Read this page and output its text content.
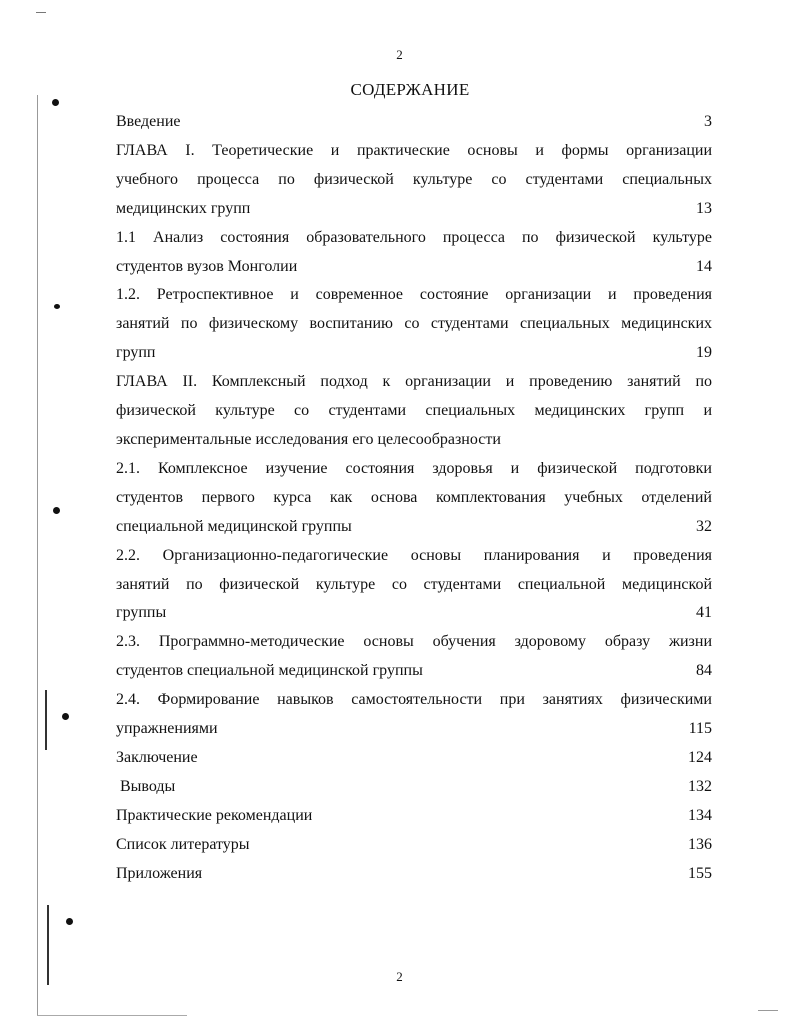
2
СОДЕРЖАНИЕ
Введение	3
ГЛАВА I. Теоретические и практические основы и формы организации
учебного процесса по физической культуре со студентами специальных
медицинских групп	13
1.1 Анализ состояния образовательного процесса по физической культуре
студентов вузов Монголии	14
1.2. Ретроспективное и современное состояние организации и проведения
занятий по физическому воспитанию со студентами специальных медицинских
групп	19
ГЛАВА II. Комплексный подход к организации и проведению занятий по
физической культуре со студентами специальных медицинских групп и
экспериментальные исследования его целесообразности
2.1. Комплексное изучение состояния здоровья и физической подготовки
студентов первого курса как основа комплектования учебных отделений
специальной медицинской группы	32
2.2. Организационно-педагогические основы планирования и проведения
занятий по физической культуре со студентами специальной медицинской
группы	41
2.3. Программно-методические основы обучения здоровому образу жизни
студентов специальной медицинской группы	84
2.4. Формирование навыков самостоятельности при занятиях физическими
упражнениями	115
Заключение	124
Выводы	132
Практические рекомендации	134
Список литературы	136
Приложения	155
2
